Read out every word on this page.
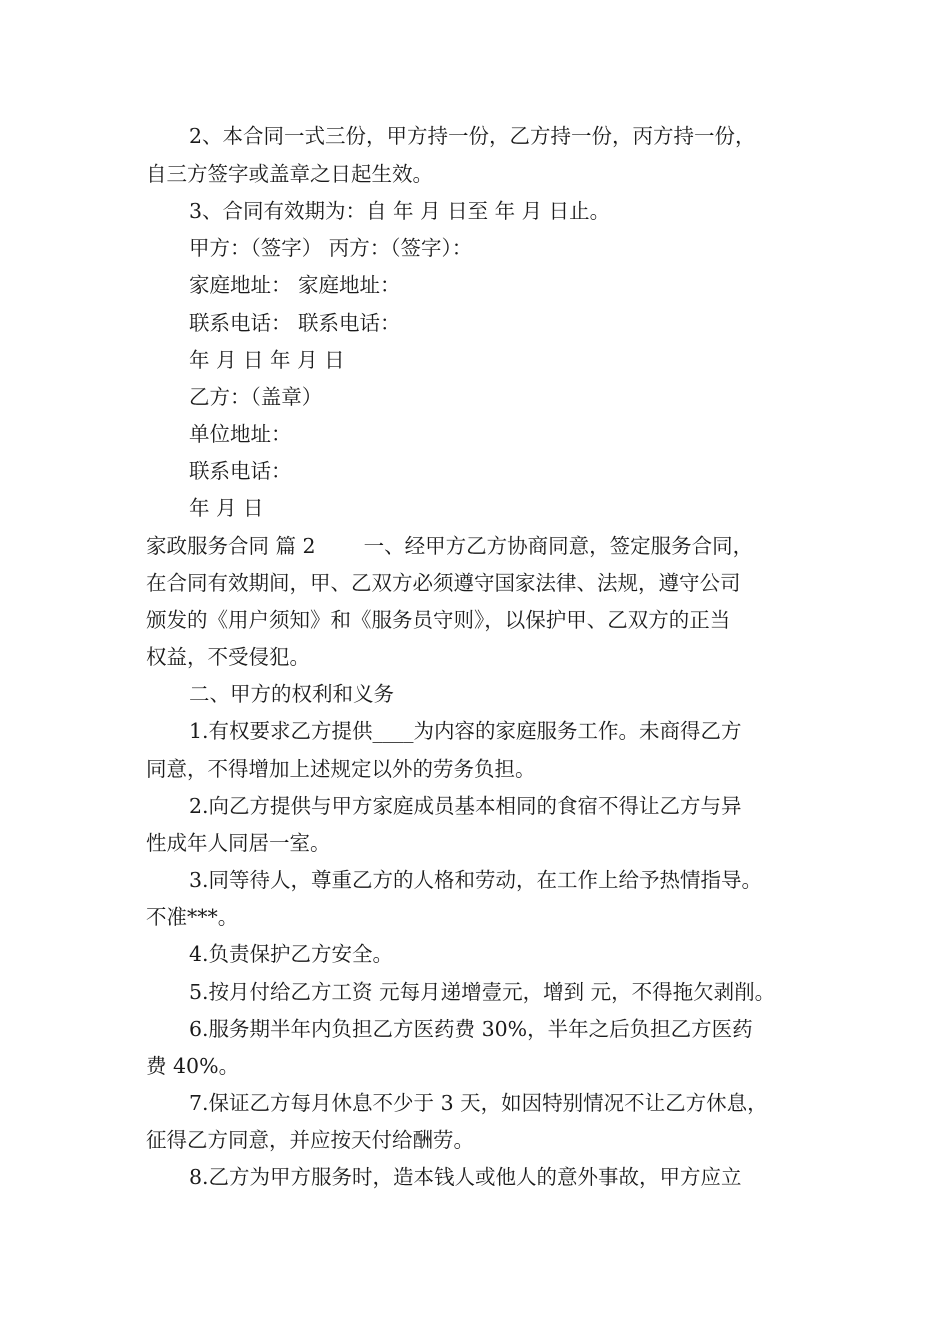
2、本合同一式三份，甲方持一份，乙方持一份，丙方持一份，
自三方签字或盖章之日起生效。
3、合同有效期为：自 年 月 日至 年 月 日止。
甲方：（签字） 丙方：（签字）：
家庭地址： 家庭地址：
联系电话： 联系电话：
年 月 日 年 月 日
乙方：（盖章）
单位地址：
联系电话：
年 月 日
家政服务合同 篇 2 一、经甲方乙方协商同意，签定服务合同，
在合同有效期间，甲、乙双方必须遵守国家法律、法规，遵守公司
颁发的《用户须知》和《服务员守则》，以保护甲、乙双方的正当
权益，不受侵犯。
二、甲方的权利和义务
1.有权要求乙方提供____为内容的家庭服务工作。未商得乙方
同意，不得增加上述规定以外的劳务负担。
2.向乙方提供与甲方家庭成员基本相同的食宿不得让乙方与异
性成年人同居一室。
3.同等待人，尊重乙方的人格和劳动，在工作上给予热情指导。
不准***。
4.负责保护乙方安全。
5.按月付给乙方工资 元每月递增壹元，增到 元，不得拖欠剥削。
6.服务期半年内负担乙方医药费 30%，半年之后负担乙方医药
费 40%。
7.保证乙方每月休息不少于 3 天，如因特别情况不让乙方休息，
征得乙方同意，并应按天付给酬劳。
8.乙方为甲方服务时，造本钱人或他人的意外事故，甲方应立
